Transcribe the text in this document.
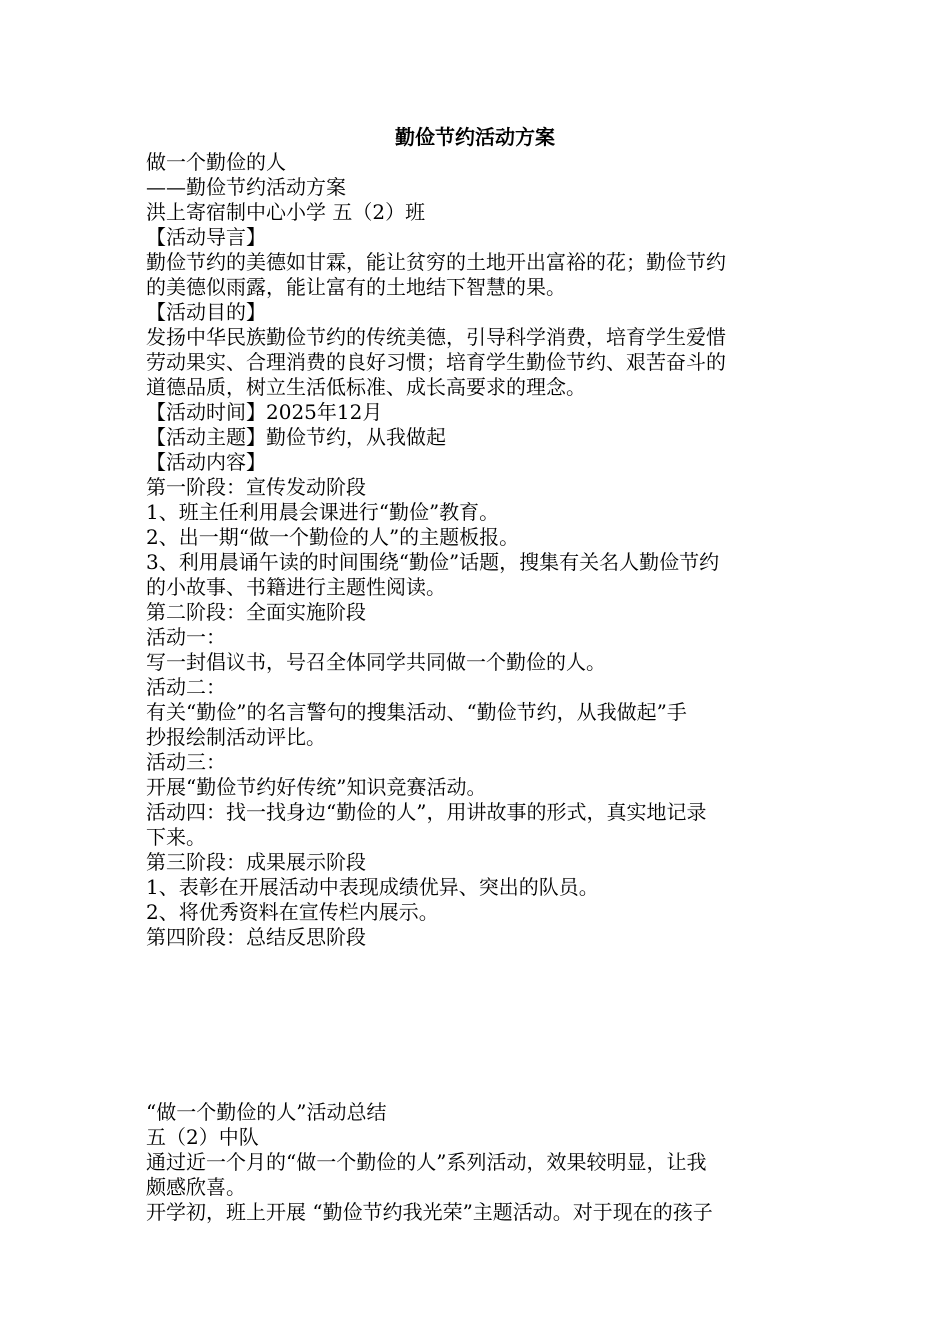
勤俭节约活动方案
做一个勤俭的人
——勤俭节约活动方案
洪上寄宿制中心小学 五（2）班
【活动导言】
勤俭节约的美德如甘霖，能让贫穷的土地开出富裕的花；勤俭节约
的美德似雨露，能让富有的土地结下智慧的果。
【活动目的】
发扬中华民族勤俭节约的传统美德，引导科学消费，培育学生爱惜
劳动果实、合理消费的良好习惯；培育学生勤俭节约、艰苦奋斗的
道德品质，树立生活低标准、成长高要求的理念。
【活动时间】2025年12月
【活动主题】勤俭节约，从我做起
【活动内容】
第一阶段：宣传发动阶段
1、班主任利用晨会课进行“勤俭”教育。
2、出一期“做一个勤俭的人”的主题板报。
3、利用晨诵午读的时间围绕“勤俭”话题，搜集有关名人勤俭节约
的小故事、书籍进行主题性阅读。
第二阶段：全面实施阶段
活动一：
写一封倡议书，号召全体同学共同做一个勤俭的人。
活动二：
有关“勤俭”的名言警句的搜集活动、“勤俭节约，从我做起”手
抄报绘制活动评比。
活动三：
开展“勤俭节约好传统”知识竞赛活动。
活动四：找一找身边“勤俭的人”，用讲故事的形式，真实地记录
下来。
第三阶段：成果展示阶段
1、表彰在开展活动中表现成绩优异、突出的队员。
2、将优秀资料在宣传栏内展示。
第四阶段：总结反思阶段
“做一个勤俭的人”活动总结
五（2）中队
通过近一个月的“做一个勤俭的人”系列活动，效果较明显，让我
颇感欣喜。
开学初，班上开展 “勤俭节约我光荣”主题活动。对于现在的孩子
